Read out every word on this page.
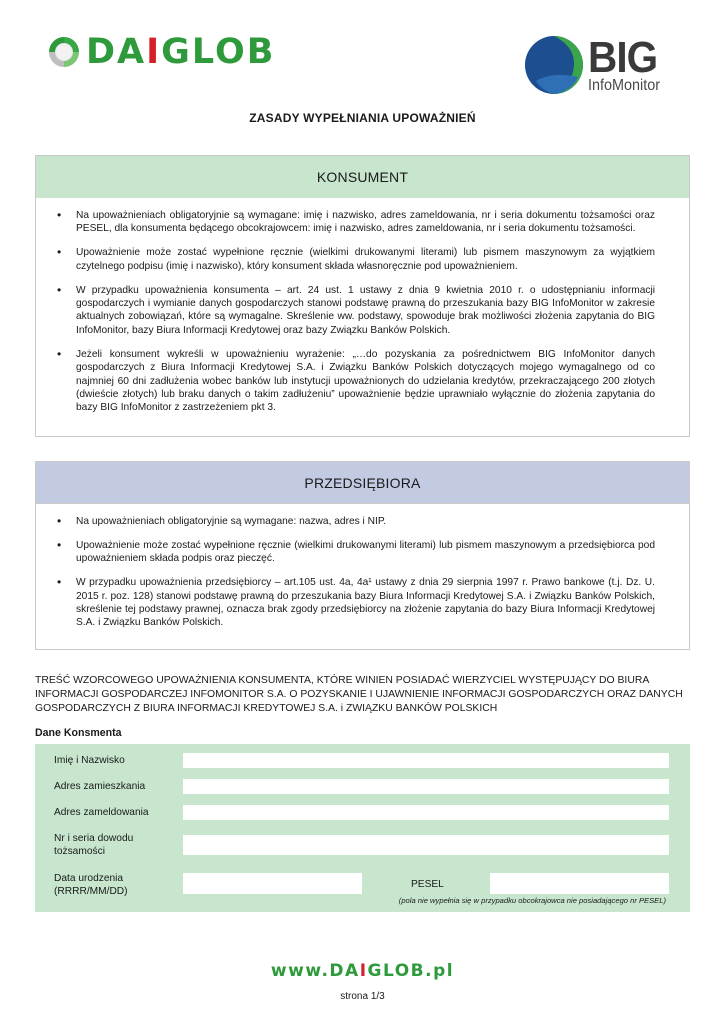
DAIGLOB	BIG
InfoMonitor
ZASADY WYPEŁNIANIA UPOWAŻNIEŃ
KONSUMENT
• Na upoważnieniach obligatoryjnie są wymagane: imię i nazwisko, adres zameldowania, nr i seria dokumentu tożsamości oraz PESEL, dla konsumenta będącego obcokrajowcem: imię i nazwisko, adres zameldowania, nr i seria dokumentu tożsamości.
• Upoważnienie może zostać wypełnione ręcznie (wielkimi drukowanymi literami) lub pismem maszynowym za wyjątkiem czytelnego podpisu (imię i nazwisko), który konsument składa własnoręcznie pod upoważnieniem.
• W przypadku upoważnienia konsumenta – art. 24 ust. 1 ustawy z dnia 9 kwietnia 2010 r. o udostępnianiu informacji gospodarczych i wymianie danych gospodarczych stanowi podstawę prawną do przeszukania bazy BIG InfoMonitor w zakresie aktualnych zobowiązań, które są wymagalne. Skreślenie ww. podstawy, spowoduje brak możliwości złożenia zapytania do BIG InfoMonitor, bazy Biura Informacji Kredytowej oraz bazy Związku Banków Polskich.
• Jeżeli konsument wykreśli w upoważnieniu wyrażenie: „…do pozyskania za pośrednictwem BIG InfoMonitor danych gospodarczych z Biura Informacji Kredytowej S.A. i Związku Banków Polskich dotyczących mojego wymagalnego od co najmniej 60 dni zadłużenia wobec banków lub instytucji upoważnionych do udzielania kredytów, przekraczającego 200 złotych (dwieście złotych) lub braku danych o takim zadłużeniu” upoważnienie będzie uprawniało wyłącznie do złożenia zapytania do bazy BIG InfoMonitor z zastrzeżeniem pkt 3.
PRZEDSIĘBIORA
• Na upoważnieniach obligatoryjnie są wymagane: nazwa, adres i NIP.
• Upoważnienie może zostać wypełnione ręcznie (wielkimi drukowanymi literami) lub pismem maszynowym a przedsiębiorca pod upoważnieniem składa podpis oraz pieczęć.
• W przypadku upoważnienia przedsiębiorcy – art.105 ust. 4a, 4a¹ ustawy z dnia 29 sierpnia 1997 r. Prawo bankowe (t.j. Dz. U. 2015 r. poz. 128) stanowi podstawę prawną do przeszukania bazy Biura Informacji Kredytowej S.A. i Związku Banków Polskich, skreślenie tej podstawy prawnej, oznacza brak zgody przedsiębiorcy na złożenie zapytania do bazy Biura Informacji Kredytowej S.A. i Związku Banków Polskich.
TREŚĆ WZORCOWEGO UPOWAŻNIENIA KONSUMENTA, KTÓRE WINIEN POSIADAĆ WIERZYCIEL WYSTĘPUJĄCY DO BIURA INFORMACJI GOSPODARCZEJ INFOMONITOR S.A. O POZYSKANIE I UJAWNIENIE INFORMACJI GOSPODARCZYCH ORAZ DANYCH GOSPODARCZYCH Z BIURA INFORMACJI KREDYTOWEJ S.A. i ZWIĄZKU BANKÓW POLSKICH
Dane Konsmenta
Imię i Nazwisko
Adres zamieszkania
Adres zameldowania
Nr i seria dowodu
tożsamości
Data urodzenia
(RRRR/MM/DD)
PESEL
(pola nie wypełnia się w przypadku obcokrajowca nie posiadającego nr PESEL)
www.DAIGLOB.pl
strona 1/3
